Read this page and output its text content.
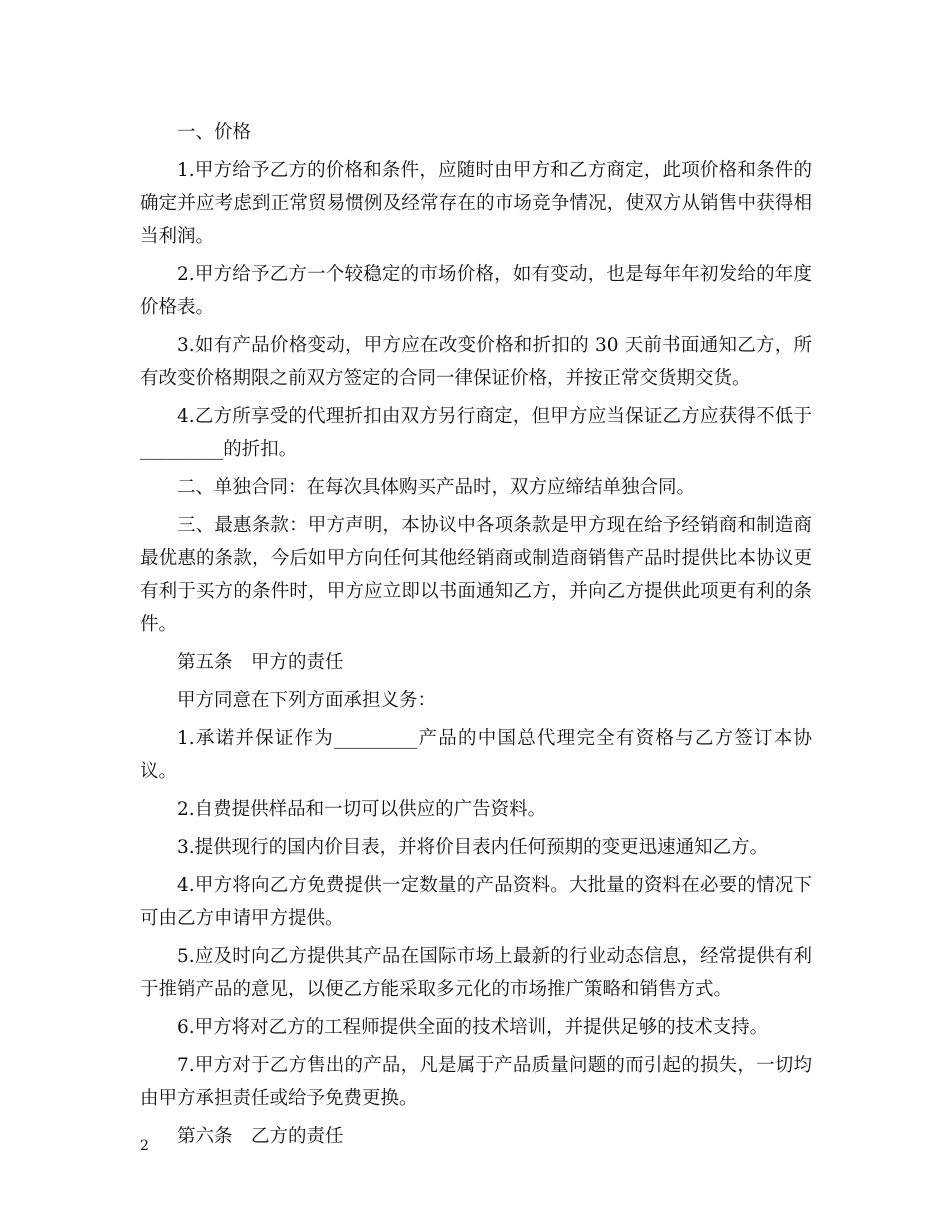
一、价格

1.甲方给予乙方的价格和条件，应随时由甲方和乙方商定，此项价格和条件的确定并应考虑到正常贸易惯例及经常存在的市场竞争情况，使双方从销售中获得相当利润。

2.甲方给予乙方一个较稳定的市场价格，如有变动，也是每年年初发给的年度价格表。

3.如有产品价格变动，甲方应在改变价格和折扣的 30 天前书面通知乙方，所有改变价格期限之前双方签定的合同一律保证价格，并按正常交货期交货。

4.乙方所享受的代理折扣由双方另行商定，但甲方应当保证乙方应获得不低于_________的折扣。

二、单独合同：在每次具体购买产品时，双方应缔结单独合同。

三、最惠条款：甲方声明，本协议中各项条款是甲方现在给予经销商和制造商最优惠的条款，今后如甲方向任何其他经销商或制造商销售产品时提供比本协议更有利于买方的条件时，甲方应立即以书面通知乙方，并向乙方提供此项更有利的条件。

第五条　甲方的责任

甲方同意在下列方面承担义务：

1.承诺并保证作为_________产品的中国总代理完全有资格与乙方签订本协议。

2.自费提供样品和一切可以供应的广告资料。

3.提供现行的国内价目表，并将价目表内任何预期的变更迅速通知乙方。

4.甲方将向乙方免费提供一定数量的产品资料。大批量的资料在必要的情况下可由乙方申请甲方提供。

5.应及时向乙方提供其产品在国际市场上最新的行业动态信息，经常提供有利于推销产品的意见，以便乙方能采取多元化的市场推广策略和销售方式。

6.甲方将对乙方的工程师提供全面的技术培训，并提供足够的技术支持。

7.甲方对于乙方售出的产品，凡是属于产品质量问题的而引起的损失，一切均由甲方承担责任或给予免费更换。

第六条　乙方的责任

2
